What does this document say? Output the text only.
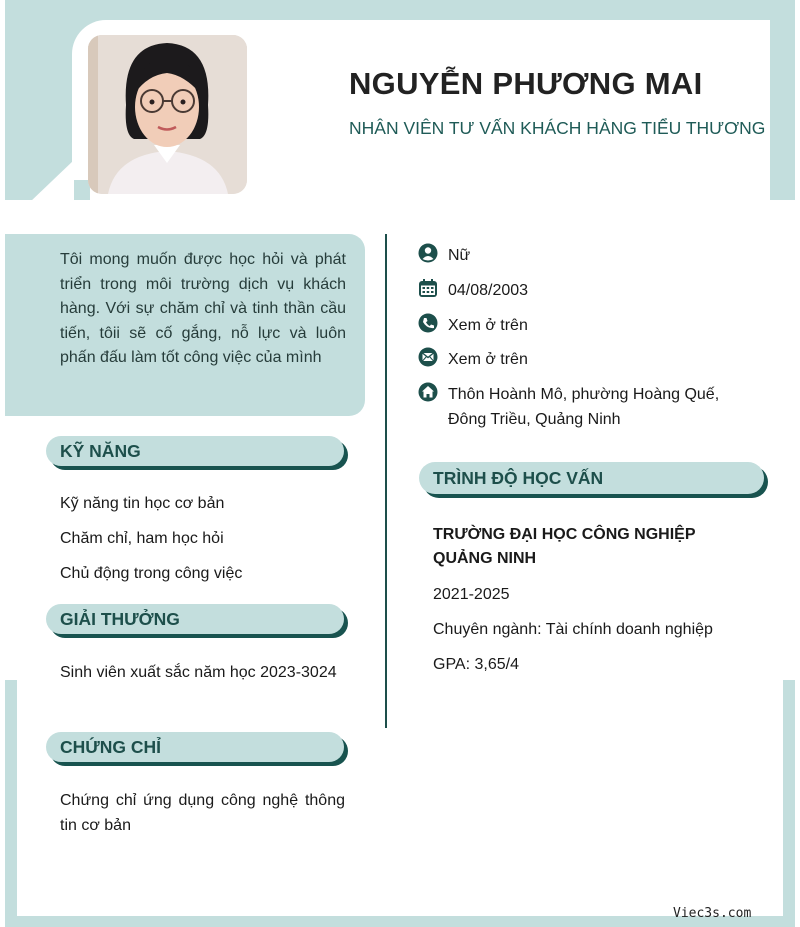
NGUYỄN PHƯƠNG MAI
NHÂN VIÊN TƯ VẤN KHÁCH HÀNG TIỂU THƯƠNG

Tôi mong muốn được học hỏi và phát triển trong môi trường dịch vụ khách hàng. Với sự chăm chỉ và tinh thần cầu tiến, tôii sẽ cố gắng, nỗ lực và luôn phấn đấu làm tốt công việc của mình

KỸ NĂNG
Kỹ năng tin học cơ bản
Chăm chỉ, ham học hỏi
Chủ động trong công việc
GIẢI THƯỞNG

Sinh viên xuất sắc năm học 2023-3024

CHỨNG CHỈ

Chứng chỉ ứng dụng công nghệ thông tin cơ bản

Nữ
04/08/2003
Xem ở trên
Xem ở trên
Thôn Hoành Mô, phường Hoàng Quế,
Đông Triều, Quảng Ninh
TRÌNH ĐỘ HỌC VẤN

TRƯỜNG ĐẠI HỌC CÔNG NGHIỆP QUẢNG NINH

2021-2025
Chuyên ngành: Tài chính doanh nghiệp
GPA: 3,65/4
Viec3s.com
